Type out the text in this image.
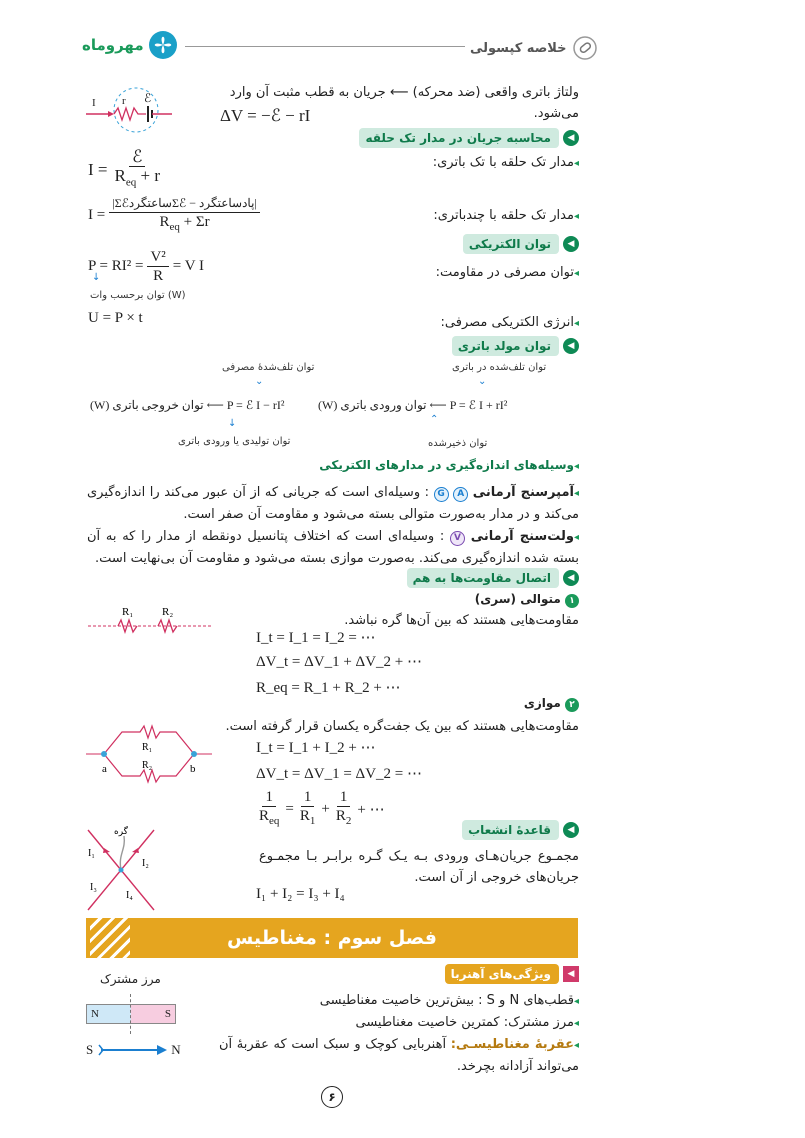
مهروماه	خلاصه کپسولی
ولتاژ باتری واقعی (ضد محرکه) ⟵ جریان به قطب مثبت آن وارد می‌شود.
ΔV = −ℰ − rI
I r ℰ
◀
محاسبه جریان در مدار تک حلقه
◂مدار تک حلقه با تک باتری:
$I = \frac{\text{ℰ}}{R_{eq} + r}$
◂مدار تک حلقه با چندباتری:
$I = \frac{\text{|ΣℰساعتگردΣℰ − پادساعتگرد|}}{R_{eq} + \Sigma r}$
◀
توان الکتریکی
◂توان مصرفی در مقاومت:
$P = RI^2 = \frac{\text{V²}}{R} = V$ I
↓
توان برحسب وات (W)
◂انرژی الکتریکی مصرفی:
U = P × t
◀
توان مولد باتری
توان تلف‌شده در باتری
⌄
(W) توان ورودی باتری ⟵ P = ℰ I + rI²
⌃
توان ذخیرشده
توان تلف‌شدهٔ مصرفی
⌄
(W) توان خروجی باتری ⟵ P = ℰ I − rI²
↓
توان تولیدی یا ورودی باتری
◂وسیله‌های اندازه‌گیری در مدارهای الکتریکی
◂آمپرسنج آرمانی A G : وسیله‌ای است که جریانی که از آن عبور می‌کند را اندازه‌گیری می‌کند و در مدار به‌صورت متوالی بسته می‌شود و مقاومت آن صفر است.
◂ولت‌سنج آرمانی V : وسیله‌ای است که اختلاف پتانسیل دونقطه از مدار را که به آن بسته شده اندازه‌گیری می‌کند. به‌صورت موازی بسته می‌شود و مقاومت آن بی‌نهایت است.
◀
اتصال مقاومت‌ها به هم
۱ متوالی (سری)
مقاومت‌هایی هستند که بین آن‌ها گره نباشد.
I_t = I_1 = I_2 = ⋯
ΔV_t = ΔV_1 + ΔV_2 + ⋯
R_eq = R_1 + R_2 + ⋯
R₁	R₂
۲ موازی
مقاومت‌هایی هستند که بین یک جفت‌گره یکسان قرار گرفته است.
I_t = I_1 + I_2 + ⋯
ΔV_t = ΔV_1 = ΔV_2 = ⋯
$\frac{1}{R_{eq}} = \frac{1}{R_1} + \frac{1}{R_2}$ + ⋯
R₁
R₂
a	b
◀
قاعدهٔ انشعاب
مجمـوع جریان‌هـای ورودی بـه یـک گـره برابـر بـا مجمـوع جریان‌های خروجی از آن است.
I₁ + I₂ = I₃ + I₄
گره
I₁
I₂
I₃
I₄
فصل سوم : مغناطیس
◀
ویژگی‌های آهنربا
◂قطب‌های N و S : بیش‌ترین خاصیت مغناطیسی
◂مرز مشترک: کمترین خاصیت مغناطیسی
◂عقربهٔ مغناطیسـی: آهنربایی کوچک و سبک است که عقربهٔ آن می‌تواند آزادانه بچرخد.
مرز مشترک
N	S
S	N
۶
